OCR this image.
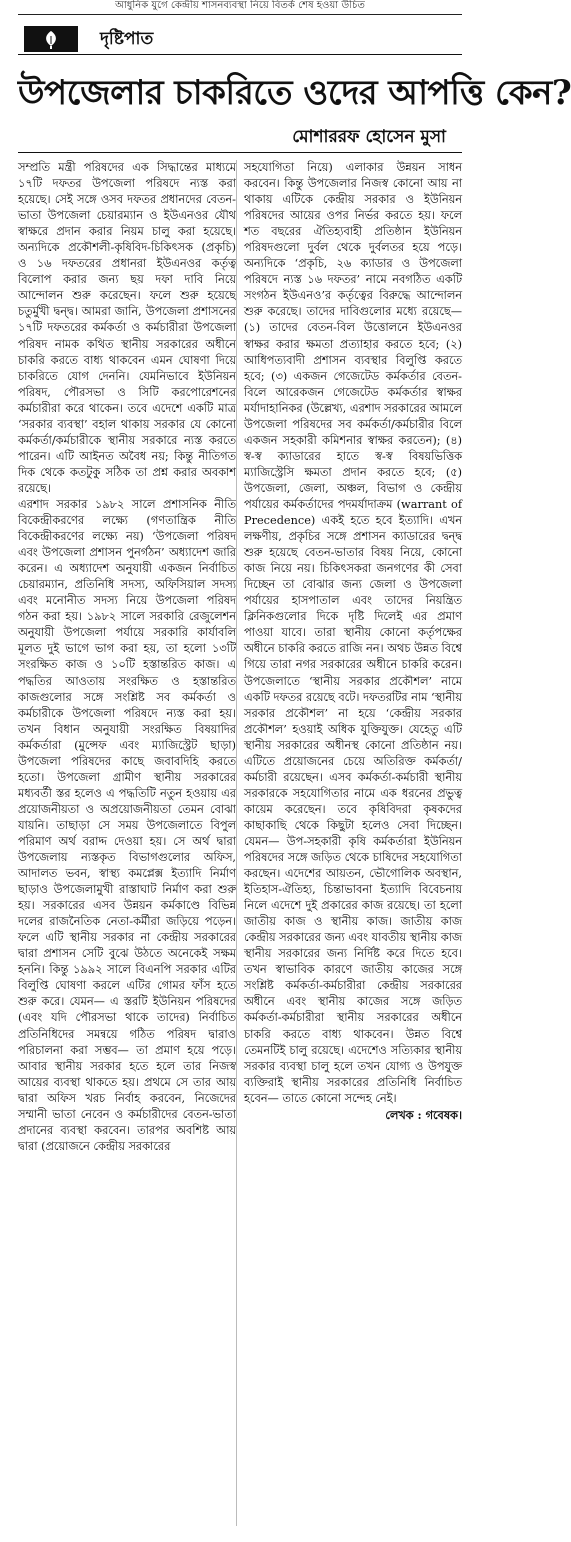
আধুনিক যুগে কেন্দ্রীয় শাসনব্যবস্থা নিয়ে বিতর্ক শেষ হওয়া উচিত
দৃষ্টিপাত
উপজেলার চাকরিতে ওদের আপত্তি কেন?
মোশাররফ হোসেন মুসা

সম্প্রতি মন্ত্রী পরিষদের এক সিদ্ধান্তের মাধ্যমে ১৭টি দফতর উপজেলা পরিষদে ন্যস্ত করা হয়েছে। সেই সঙ্গে ওসব দফতর প্রধানদের বেতন-ভাতা উপজেলা চেয়ারম্যান ও ইউএনওর যৌথ স্বাক্ষরে প্রদান করার নিয়ম চালু করা হয়েছে। অন্যদিকে প্রকৌশলী-কৃষিবিদ-চিকিৎসক (প্রকৃচি) ও ১৬ দফতরের প্রধানরা ইউএনওর কর্তৃত্ব বিলোপ করার জন্য ছয় দফা দাবি নিয়ে আন্দোলন শুরু করেছেন। ফলে শুরু হয়েছে চতুর্মুখী দ্বন্দ্ব। আমরা জানি, উপজেলা প্রশাসনের ১৭টি দফতরের কর্মকর্তা ও কর্মচারীরা উপজেলা পরিষদ নামক কথিত স্থানীয় সরকারের অধীনে চাকরি করতে বাধ্য থাকবেন এমন ঘোষণা দিয়ে চাকরিতে যোগ দেননি। যেমনিভাবে ইউনিয়ন পরিষদ, পৌরসভা ও সিটি করপোরেশনের কর্মচারীরা করে থাকেন। তবে এদেশে একটি মাত্র ‘সরকার ব্যবস্থা’ বহাল থাকায় সরকার যে কোনো কর্মকর্তা/কর্মচারীকে স্থানীয় সরকারে ন্যস্ত করতে পারেন। এটি আইনত অবৈধ নয়; কিন্তু নীতিগত দিক থেকে কতটুকু সঠিক তা প্রশ্ন করার অবকাশ রয়েছে।

এরশাদ সরকার ১৯৮২ সালে প্রশাসনিক নীতি বিকেন্দ্রীকরণের লক্ষ্যে (গণতান্ত্রিক নীতি বিকেন্দ্রীকরণের লক্ষ্যে নয়) ‘উপজেলা পরিষদ এবং উপজেলা প্রশাসন পুনর্গঠন’ অধ্যাদেশ জারি করেন। এ অধ্যাদেশ অনুযায়ী একজন নির্বাচিত চেয়ারম্যান, প্রতিনিধি সদস্য, অফিসিয়াল সদস্য এবং মনোনীত সদস্য নিয়ে উপজেলা পরিষদ গঠন করা হয়। ১৯৮২ সালে সরকারি রেজুলেশন অনুযায়ী উপজেলা পর্যায়ে সরকারি কার্যাবলি মূলত দুই ভাগে ভাগ করা হয়, তা হলো ১৩টি সংরক্ষিত কাজ ও ১০টি হস্তান্তরিত কাজ। এ পদ্ধতির আওতায় সংরক্ষিত ও হস্তান্তরিত কাজগুলোর সঙ্গে সংশ্লিষ্ট সব কর্মকর্তা ও কর্মচারীকে উপজেলা পরিষদে ন্যস্ত করা হয়। তখন বিধান অনুযায়ী সংরক্ষিত বিষয়াদির কর্মকর্তারা (মুন্সেফ এবং ম্যাজিস্ট্রেট ছাড়া) উপজেলা পরিষদের কাছে জবাবদিহি করতে হতো। উপজেলা গ্রামীণ স্থানীয় সরকারের মধ্যবর্তী স্তর হলেও এ পদ্ধতিটি নতুন হওয়ায় এর প্রয়োজনীয়তা ও অপ্রয়োজনীয়তা তেমন বোঝা যায়নি। তাছাড়া সে সময় উপজেলাতে বিপুল পরিমাণ অর্থ বরাদ্দ দেওয়া হয়। সে অর্থ দ্বারা উপজেলায় ন্যস্তকৃত বিভাগগুলোর অফিস, আদালত ভবন, স্বাস্থ্য কমপ্লেক্স ইত্যাদি নির্মাণ ছাড়াও উপজেলামুখী রাস্তাঘাট নির্মাণ করা শুরু হয়। সরকারের এসব উন্নয়ন কর্মকাণ্ডে বিভিন্ন দলের রাজনৈতিক নেতা-কর্মীরা জড়িয়ে পড়েন। ফলে এটি স্থানীয় সরকার না কেন্দ্রীয় সরকারের দ্বারা প্রশাসন সেটি বুঝে উঠতে অনেকেই সক্ষম হননি। কিন্তু ১৯৯২ সালে বিএনপি সরকার এটির বিলুপ্তি ঘোষণা করলে এটির গোমর ফাঁস হতে শুরু করে। যেমন— এ স্তরটি ইউনিয়ন পরিষদের (এবং যদি পৌরসভা থাকে তাদের) নির্বাচিত প্রতিনিধিদের সমন্বয়ে গঠিত পরিষদ দ্বারাও পরিচালনা করা সম্ভব— তা প্রমাণ হয়ে পড়ে। আবার স্থানীয় সরকার হতে হলে তার নিজস্ব আয়ের ব্যবস্থা থাকতে হয়। প্রথমে সে তার আয় দ্বারা অফিস খরচ নির্বাহ করবেন, নিজেদের সম্মানী ভাতা নেবেন ও কর্মচারীদের বেতন-ভাতা প্রদানের ব্যবস্থা করবেন। তারপর অবশিষ্ট আয় দ্বারা (প্রয়োজনে কেন্দ্রীয় সরকারের

সহযোগিতা নিয়ে) এলাকার উন্নয়ন সাধন করবেন। কিন্তু উপজেলার নিজস্ব কোনো আয় না থাকায় এটিকে কেন্দ্রীয় সরকার ও ইউনিয়ন পরিষদের আয়ের ওপর নির্ভর করতে হয়। ফলে শত বছরের ঐতিহ্যবাহী প্রতিষ্ঠান ইউনিয়ন পরিষদগুলো দুর্বল থেকে দুর্বলতর হয়ে পড়ে। অন্যদিকে ‘প্রকৃচি, ২৬ ক্যাডার ও উপজেলা পরিষদে ন্যস্ত ১৬ দফতর’ নামে নবগঠিত একটি সংগঠন ইউএনও’র কর্তৃত্বের বিরুদ্ধে আন্দোলন শুরু করেছে। তাদের দাবিগুলোর মধ্যে রয়েছে— (১) তাদের বেতন-বিল উত্তোলনে ইউএনওর স্বাক্ষর করার ক্ষমতা প্রত্যাহার করতে হবে; (২) আধিপত্যবাদী প্রশাসন ব্যবস্থার বিলুপ্তি করতে হবে; (৩) একজন গেজেটেড কর্মকর্তার বেতন-বিলে আরেকজন গেজেটেড কর্মকর্তার স্বাক্ষর মর্যাদাহানিকর (উল্লেখ্য, এরশাদ সরকারের আমলে উপজেলা পরিষদের সব কর্মকর্তা/কর্মচারীর বিলে একজন সহকারী কমিশনার স্বাক্ষর করতেন); (৪) স্ব-স্ব ক্যাডারের হাতে স্ব-স্ব বিষয়ভিত্তিক ম্যাজিস্ট্রেসি ক্ষমতা প্রদান করতে হবে; (৫) উপজেলা, জেলা, অঞ্চল, বিভাগ ও কেন্দ্রীয় পর্যায়ের কর্মকর্তাদের পদমর্যাদাক্রম (warrant of Precedence) একই হতে হবে ইত্যাদি। এখন লক্ষণীয়, প্রকৃচির সঙ্গে প্রশাসন ক্যাডারের দ্বন্দ্ব শুরু হয়েছে বেতন-ভাতার বিষয় নিয়ে, কোনো কাজ নিয়ে নয়। চিকিৎসকরা জনগণের কী সেবা দিচ্ছেন তা বোঝার জন্য জেলা ও উপজেলা পর্যায়ের হাসপাতাল এবং তাদের নিয়ন্ত্রিত ক্লিনিকগুলোর দিকে দৃষ্টি দিলেই এর প্রমাণ পাওয়া যাবে। তারা স্থানীয় কোনো কর্তৃপক্ষের অধীনে চাকরি করতে রাজি নন। অথচ উন্নত বিশ্বে গিয়ে তারা নগর সরকারের অধীনে চাকরি করেন। উপজেলাতে ‘স্থানীয় সরকার প্রকৌশল’ নামে একটি দফতর রয়েছে বটে। দফতরটির নাম ‘স্থানীয় সরকার প্রকৌশল’ না হয়ে ‘কেন্দ্রীয় সরকার প্রকৌশল’ হওয়াই অধিক যুক্তিযুক্ত। যেহেতু এটি স্থানীয় সরকারের অধীনস্থ কোনো প্রতিষ্ঠান নয়। এটিতে প্রয়োজনের চেয়ে অতিরিক্ত কর্মকর্তা/কর্মচারী রয়েছেন। এসব কর্মকর্তা-কর্মচারী স্থানীয় সরকারকে সহযোগিতার নামে এক ধরনের প্রভুত্ব কায়েম করেছেন। তবে কৃষিবিদরা কৃষকদের কাছাকাছি থেকে কিছুটা হলেও সেবা দিচ্ছেন। যেমন— উপ-সহকারী কৃষি কর্মকর্তারা ইউনিয়ন পরিষদের সঙ্গে জড়িত থেকে চাষিদের সহযোগিতা করছেন। এদেশের আয়তন, ভৌগোলিক অবস্থান, ইতিহাস-ঐতিহ্য, চিন্তাভাবনা ইত্যাদি বিবেচনায় নিলে এদেশে দুই প্রকারের কাজ রয়েছে। তা হলো জাতীয় কাজ ও স্থানীয় কাজ। জাতীয় কাজ কেন্দ্রীয় সরকারের জন্য এবং যাবতীয় স্থানীয় কাজ স্থানীয় সরকারের জন্য নির্দিষ্ট করে দিতে হবে। তখন স্বাভাবিক কারণে জাতীয় কাজের সঙ্গে সংশ্লিষ্ট কর্মকর্তা-কর্মচারীরা কেন্দ্রীয় সরকারের অধীনে এবং স্থানীয় কাজের সঙ্গে জড়িত কর্মকর্তা-কর্মচারীরা স্থানীয় সরকারের অধীনে চাকরি করতে বাধ্য থাকবেন। উন্নত বিশ্বে তেমনটিই চালু রয়েছে। এদেশেও সত্যিকার স্থানীয় সরকার ব্যবস্থা চালু হলে তখন যোগ্য ও উপযুক্ত ব্যক্তিরাই স্থানীয় সরকারের প্রতিনিধি নির্বাচিত হবেন— তাতে কোনো সন্দেহ নেই।

লেখক : গবেষক।
